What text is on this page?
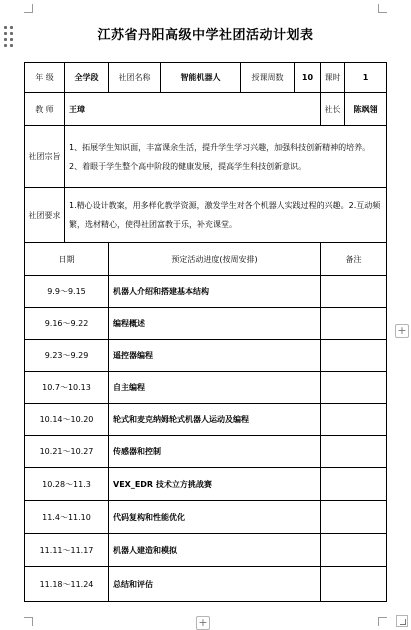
+
+
江苏省丹阳高级中学社团活动计划表
年 级	全学段	社团名称	智能机器人	授课周数	10	课时	1
教 师	王璋					社长	陈飒翎
社团宗旨	1、拓展学生知识面，丰富课余生活，提升学生学习兴趣，加强科技创新精神的培养。2、着眼于学生整个高中阶段的健康发展，提高学生科技创新意识。						
社团要求	1.精心设计教案，用多样化教学资源，激发学生对各个机器人实践过程的兴趣。2.互动频繁，选材精心，使得社团富教于乐，补充课堂。						
日期		预定活动进度(按周安排)				备注	
9.9～9.15		机器人介绍和搭建基本结构					
9.16～9.22		编程概述					
9.23～9.29		遥控器编程					
10.7～10.13		自主编程					
10.14～10.20		轮式和麦克纳姆轮式机器人运动及编程					
10.21～10.27		传感器和控制					
10.28～11.3		VEX_EDR 技术立方挑战赛					
11.4～11.10		代码复构和性能优化					
11.11～11.17		机器人建造和模拟					
11.18～11.24		总结和评估					
